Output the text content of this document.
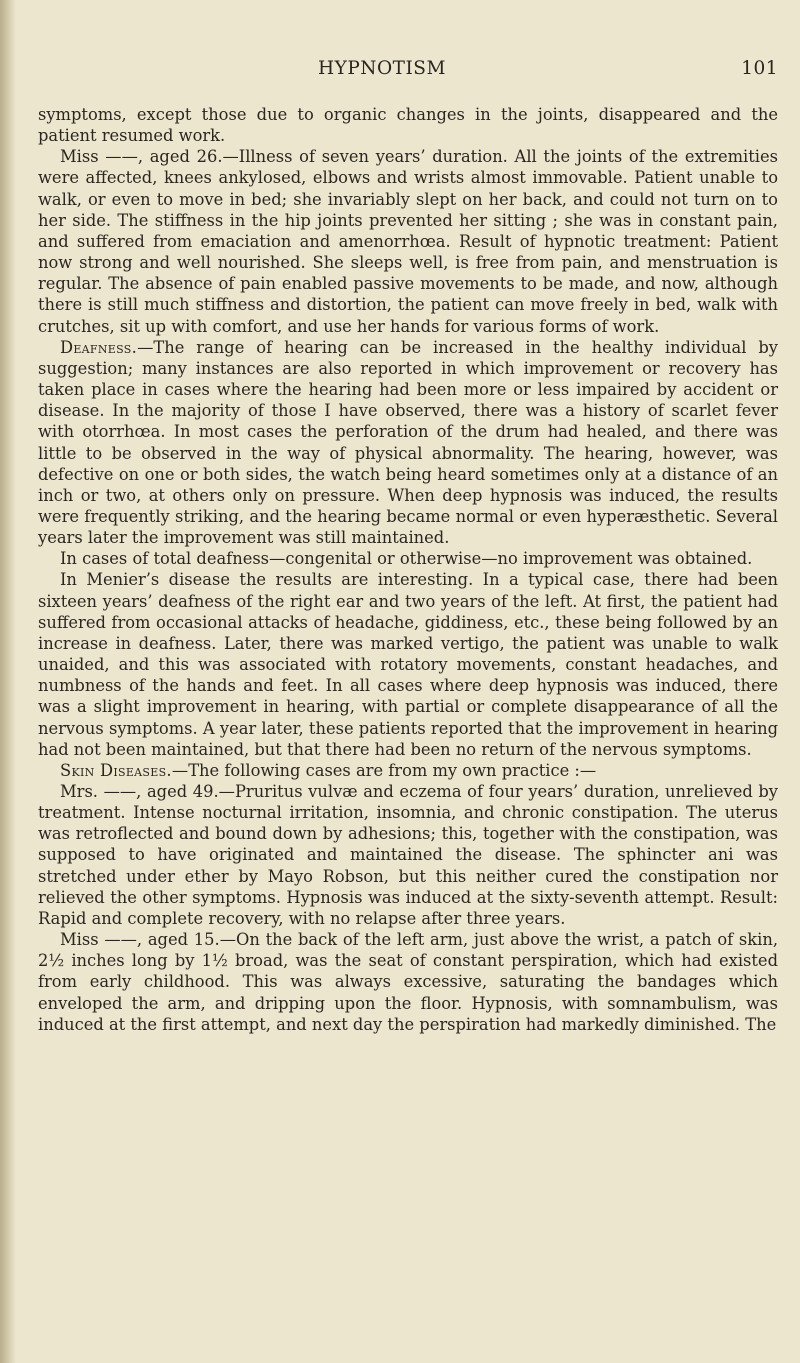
HYPNOTISM	101

symptoms, except those due to organic changes in the joints, disappeared and the patient resumed work.

Miss ——, aged 26.—Illness of seven years’ duration. All the joints of the extremities were affected, knees ankylosed, elbows and wrists almost immovable. Patient unable to walk, or even to move in bed; she invariably slept on her back, and could not turn on to her side. The stiffness in the hip joints prevented her sitting ; she was in constant pain, and suffered from emaciation and amenorrhœa. Result of hypnotic treatment: Patient now strong and well nourished. She sleeps well, is free from pain, and menstruation is regular. The absence of pain enabled passive movements to be made, and now, although there is still much stiffness and distortion, the patient can move freely in bed, walk with crutches, sit up with comfort, and use her hands for various forms of work.

Deafness.—The range of hearing can be increased in the healthy individual by suggestion; many instances are also reported in which improvement or recovery has taken place in cases where the hearing had been more or less impaired by accident or disease. In the majority of those I have observed, there was a history of scarlet fever with otorrhœa. In most cases the perforation of the drum had healed, and there was little to be observed in the way of physical abnormality. The hearing, however, was defective on one or both sides, the watch being heard sometimes only at a distance of an inch or two, at others only on pressure. When deep hypnosis was induced, the results were frequently striking, and the hearing became normal or even hyperæsthetic. Several years later the improvement was still maintained.

In cases of total deafness—congenital or otherwise—no improvement was obtained.

In Menier’s disease the results are interesting. In a typical case, there had been sixteen years’ deafness of the right ear and two years of the left. At first, the patient had suffered from occasional attacks of headache, giddiness, etc., these being followed by an increase in deafness. Later, there was marked vertigo, the patient was unable to walk unaided, and this was associated with rotatory movements, constant headaches, and numbness of the hands and feet. In all cases where deep hypnosis was induced, there was a slight improvement in hearing, with partial or complete disappearance of all the nervous symptoms. A year later, these patients reported that the improvement in hearing had not been maintained, but that there had been no return of the nervous symptoms.

Skin Diseases.—The following cases are from my own practice :—

Mrs. ——, aged 49.—Pruritus vulvæ and eczema of four years’ duration, unrelieved by treatment. Intense nocturnal irritation, insomnia, and chronic constipation. The uterus was retroflected and bound down by adhesions; this, together with the constipation, was supposed to have originated and maintained the disease. The sphincter ani was stretched under ether by Mayo Robson, but this neither cured the constipation nor relieved the other symptoms. Hypnosis was induced at the sixty-seventh attempt. Result: Rapid and complete recovery, with no relapse after three years.

Miss ——, aged 15.—On the back of the left arm, just above the wrist, a patch of skin, 2½ inches long by 1½ broad, was the seat of constant perspiration, which had existed from early childhood. This was always excessive, saturating the bandages which enveloped the arm, and dripping upon the floor. Hypnosis, with somnambulism, was induced at the first attempt, and next day the perspiration had markedly diminished. The
